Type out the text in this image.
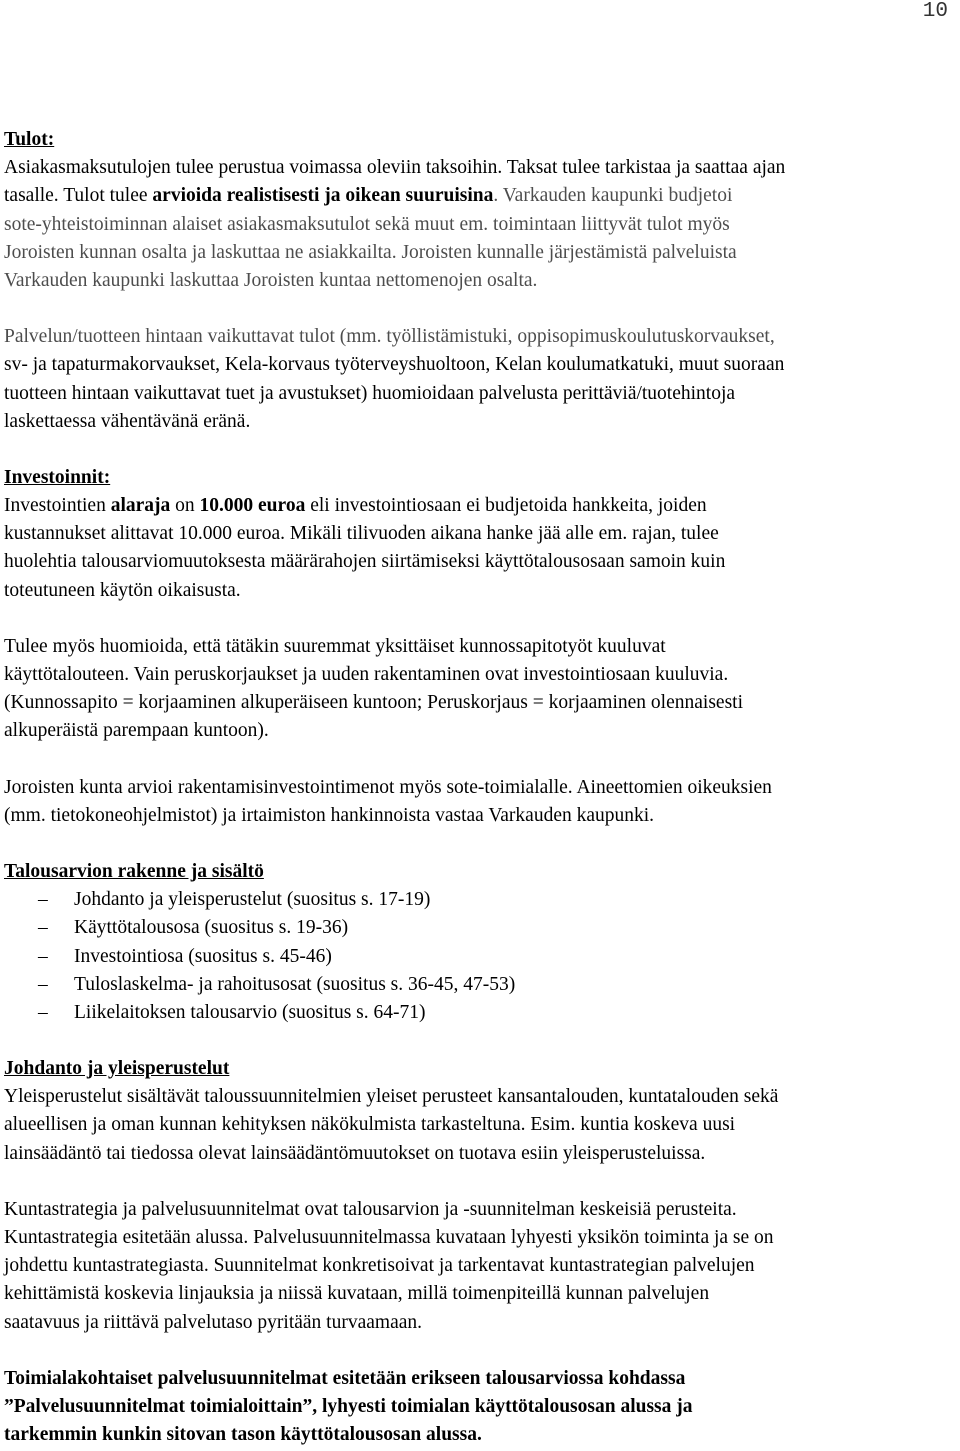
10
Tulot:
Asiakasmaksutulojen tulee perustua voimassa oleviin taksoihin. Taksat tulee tarkistaa ja saattaa ajan
tasalle. Tulot tulee arvioida realistisesti ja oikean suuruisina. Varkauden kaupunki budjetoi
sote-yhteistoiminnan alaiset asiakasmaksutulot sekä muut em. toimintaan liittyvät tulot myös
Joroisten kunnan osalta ja laskuttaa ne asiakkailta. Joroisten kunnalle järjestämistä palveluista
Varkauden kaupunki laskuttaa Joroisten kuntaa nettomenojen osalta.
Palvelun/tuotteen hintaan vaikuttavat tulot (mm. työllistämistuki, oppisopimuskoulutuskorvaukset,
sv- ja tapaturmakorvaukset, Kela-korvaus työterveyshuoltoon, Kelan koulumatkatuki, muut suoraan
tuotteen hintaan vaikuttavat tuet ja avustukset) huomioidaan palvelusta perittäviä/tuotehintoja
laskettaessa vähentävänä eränä.
Investoinnit:
Investointien alaraja on 10.000 euroa eli investointiosaan ei budjetoida hankkeita, joiden
kustannukset alittavat 10.000 euroa. Mikäli tilivuoden aikana hanke jää alle em. rajan, tulee
huolehtia talousarviomuutoksesta määrärahojen siirtämiseksi käyttötalousosaan samoin kuin
toteutuneen käytön oikaisusta.
Tulee myös huomioida, että tätäkin suuremmat yksittäiset kunnossapitotyöt kuuluvat
käyttötalouteen. Vain peruskorjaukset ja uuden rakentaminen ovat investointiosaan kuuluvia.
(Kunnossapito = korjaaminen alkuperäiseen kuntoon; Peruskorjaus = korjaaminen olennaisesti
alkuperäistä parempaan kuntoon).
Joroisten kunta arvioi rakentamisinvestointimenot myös sote-toimialalle. Aineettomien oikeuksien
(mm. tietokoneohjelmistot) ja irtaimiston hankinnoista vastaa Varkauden kaupunki.
Talousarvion rakenne ja sisältö
– Johdanto ja yleisperustelut (suositus s. 17-19)
– Käyttötalousosa (suositus s. 19-36)
– Investointiosa (suositus s. 45-46)
– Tuloslaskelma- ja rahoitusosat (suositus s. 36-45, 47-53)
– Liikelaitoksen talousarvio (suositus s. 64-71)
Johdanto ja yleisperustelut
Yleisperustelut sisältävät taloussuunnitelmien yleiset perusteet kansantalouden, kuntatalouden sekä
alueellisen ja oman kunnan kehityksen näkökulmista tarkasteltuna. Esim. kuntia koskeva uusi
lainsäädäntö tai tiedossa olevat lainsäädäntömuutokset on tuotava esiin yleisperusteluissa.
Kuntastrategia ja palvelusuunnitelmat ovat talousarvion ja -suunnitelman keskeisiä perusteita.
Kuntastrategia esitetään alussa. Palvelusuunnitelmassa kuvataan lyhyesti yksikön toiminta ja se on
johdettu kuntastrategiasta. Suunnitelmat konkretisoivat ja tarkentavat kuntastrategian palvelujen
kehittämistä koskevia linjauksia ja niissä kuvataan, millä toimenpiteillä kunnan palvelujen
saatavuus ja riittävä palvelutaso pyritään turvaamaan.
Toimialakohtaiset palvelusuunnitelmat esitetään erikseen talousarviossa kohdassa
”Palvelusuunnitelmat toimialoittain”, lyhyesti toimialan käyttötalousosan alussa ja
tarkemmin kunkin sitovan tason käyttötalousosan alussa.
